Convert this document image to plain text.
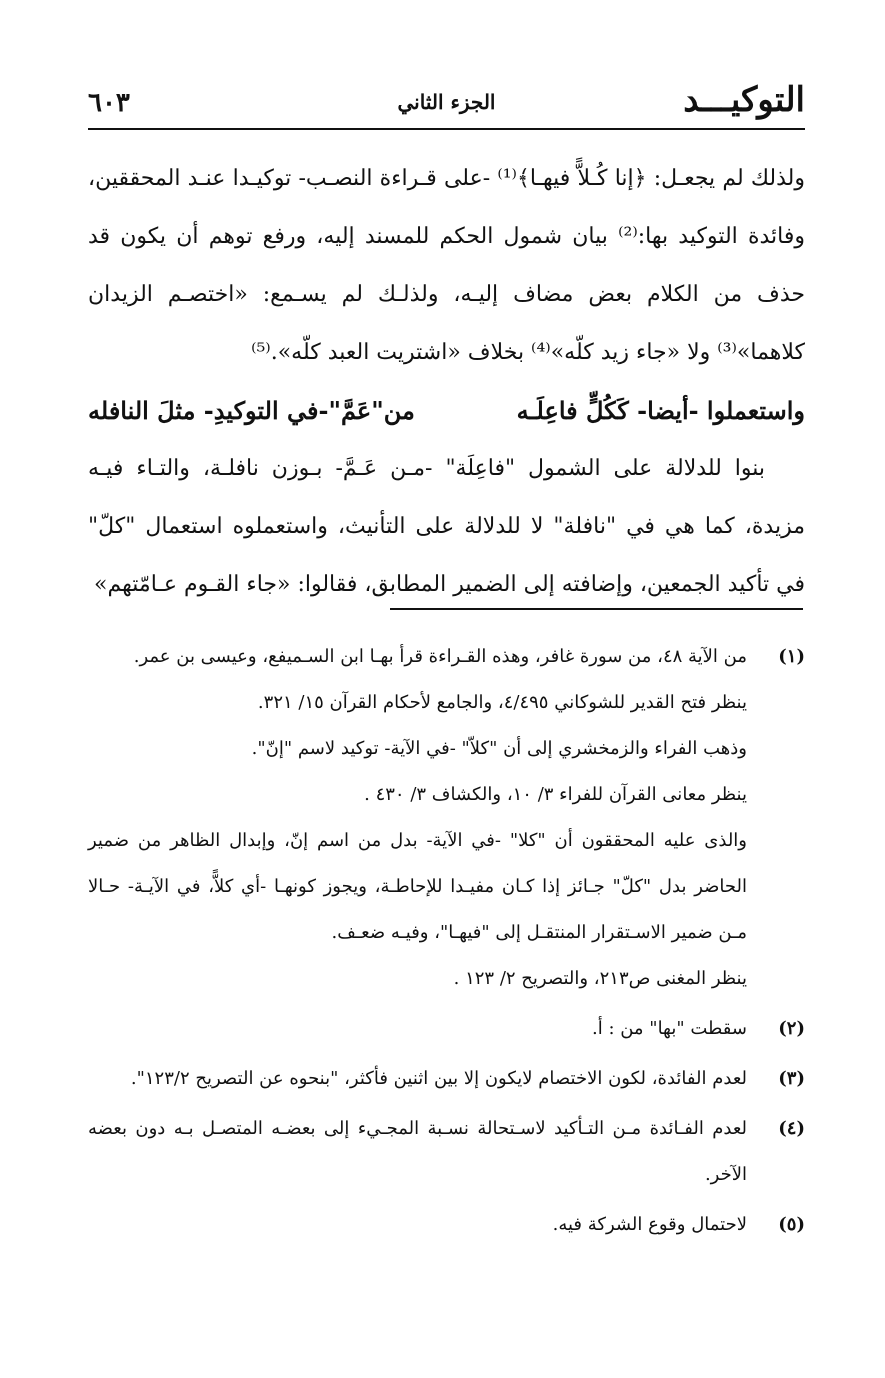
التوكيـــد
الجزء الثاني
٦٠٣

ولذلك لم يجعـل: ﴿إنا كُـلاًّ فيهـا﴾⁽¹⁾ -على قـراءة النصـب- توكيـدا عنـد المحققين، وفائدة التوكيد بها:⁽²⁾ بيان شمول الحكم للمسند إليه، ورفع توهم أن يكون قد حذف من الكلام بعض مضاف إليـه، ولذلـك لم يسـمع: «اختصـم الزيدان كلاهما»⁽³⁾ ولا «جاء زيد كلّه»⁽⁴⁾ بخلاف «اشتريت العبد كلّه».⁽⁵⁾

واستعملوا -أيضا- كَكُلٍّ فاعِلَـه
من"عَمَّ"-في التوكيدِ- مثلَ النافله

بنوا للدلالة على الشمول "فاعِلَة" -مـن عَـمَّ- بـوزن نافلـة، والتـاء فيـه مزيدة، كما هي في "نافلة" لا للدلالة على التأنيث، واستعملوه استعمال "كلّ" في تأكيد الجمعين، وإضافته إلى الضمير المطابق، فقالوا: «جاء القـوم عـامّتهم»

(١)
من الآية ٤٨، من سورة غافر، وهذه القـراءة قرأ بهـا ابن السـميفع، وعيسى بن عمر.
ينظر فتح القدير للشوكاني ٤/٤٩٥، والجامع لأحكام القرآن ١٥/ ٣٢١.
وذهب الفراء والزمخشري إلى أن "كلاّ" -في الآية- توكيد لاسم "إنّ".
ينظر معانى القرآن للفراء ٣/ ١٠، والكشاف ٣/ ٤٣٠ .
والذى عليه المحققون أن "كلا" -في الآية- بدل من اسم إنّ، وإبدال الظاهر من ضمير الحاضر بدل "كلّ" جـائز إذا كـان مفيـدا للإحاطـة، ويجوز كونهـا -أي كلاًّ، في الآيـة- حـالا مـن ضمير الاسـتقرار المنتقـل إلى "فيهـا"، وفيـه ضعـف.
ينظر المغنى ص٢١٣، والتصريح ٢/ ١٢٣ .
(٢)
سقطت "بها" من : أ.
(٣)
لعدم الفائدة، لكون الاختصام لايكون إلا بين اثنين فأكثر، "بنحوه عن التصريح ١٢٣/٢".
(٤)
لعدم الفـائدة مـن التـأكيد لاسـتحالة نسـبة المجـيء إلى بعضـه المتصـل بـه دون بعضه الآخر.
(٥)
لاحتمال وقوع الشركة فيه.
